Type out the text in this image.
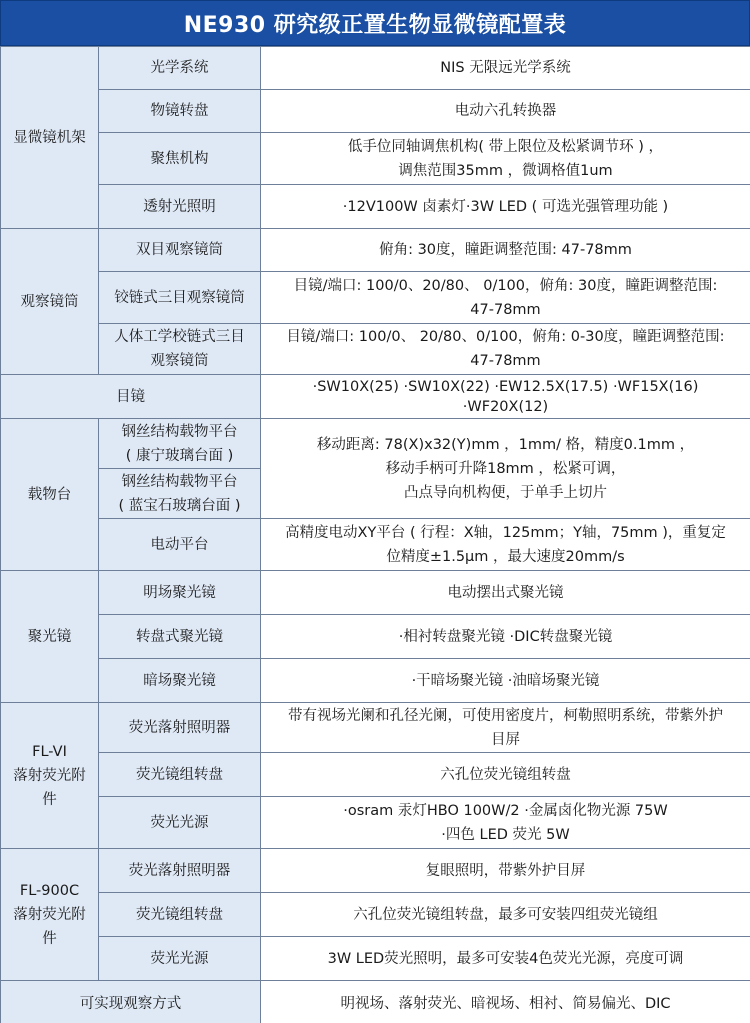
NE930 研究级正置生物显微镜配置表
显微镜机架	光学系统	NIS 无限远光学系统

	物镜转盘	电动六孔转换器

	聚焦机构	低手位同轴调焦机构( 带上限位及松紧调节环 ) ，
调焦范围35mm ，微调格值1um

	透射光照明	·12V100W 卤素灯·3W LED ( 可选光强管理功能 )

观察镜筒	双目观察镜筒	俯角: 30度，瞳距调整范围: 47-78mm

	铰链式三目观察镜筒	目镜/端口: 100/0、20/80、 0/100，俯角: 30度，瞳距调整范围:
47-78mm

	人体工学校链式三目
观察镜筒	目镜/端口: 100/0、 20/80、0/100，俯角: 0-30度，瞳距调整范围:
47-78mm

目镜		·SW10X(25) ·SW10X(22) ·EW12.5X(17.5) ·WF15X(16)
·WF20X(12)

载物台	钢丝结构载物平台
( 康宁玻璃台面 )	移动距离: 78(X)x32(Y)mm ，1mm/ 格，精度0.1mm ，
移动手柄可升降18mm ，松紧可调，
凸点导向机构便，于单手上切片

	钢丝结构载物平台
( 蓝宝石玻璃台面 )	

	电动平台	高精度电动XY平台 ( 行程：X轴，125mm；Y轴，75mm )，重复定
位精度±1.5μm ，最大速度20mm/s

聚光镜	明场聚光镜	电动摆出式聚光镜

	转盘式聚光镜	·相衬转盘聚光镜 ·DIC转盘聚光镜

	暗场聚光镜	·干暗场聚光镜 ·油暗场聚光镜

FL-VI
落射荧光附
件	荧光落射照明器	带有视场光阑和孔径光阑，可使用密度片，柯勒照明系统，带紫外护
目屏

	荧光镜组转盘	六孔位荧光镜组转盘

	荧光光源	·osram 汞灯HBO 100W/2 ·金属卤化物光源 75W
·四色 LED 荧光 5W

FL-900C
落射荧光附
件	荧光落射照明器	复眼照明，带紫外护目屏

	荧光镜组转盘	六孔位荧光镜组转盘，最多可安装四组荧光镜组

	荧光光源	3W LED荧光照明，最多可安装4色荧光光源，亮度可调

可实现观察方式		明视场、落射荧光、暗视场、相衬、简易偏光、DIC
